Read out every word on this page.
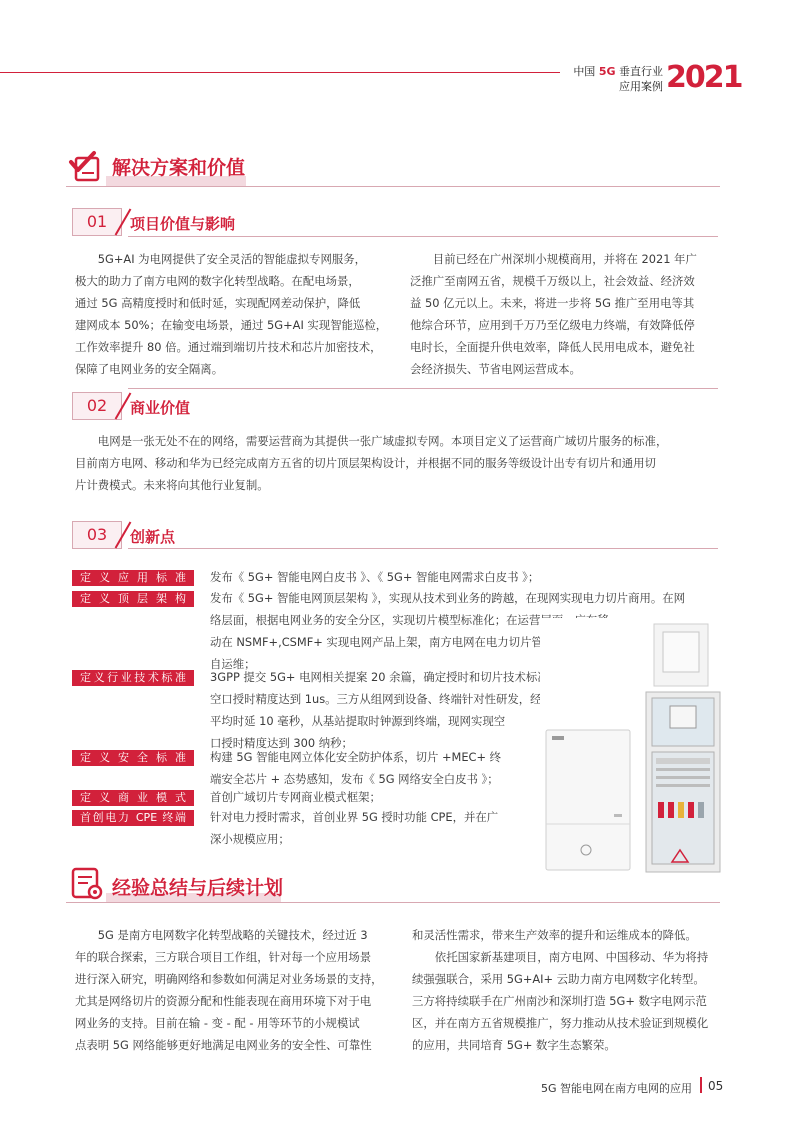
中国 5G 垂直行业
应用案例 2021
解决方案和价值
01	项目价值与影响
5G+AI 为电网提供了安全灵活的智能虚拟专网服务，
极大的助力了南方电网的数字化转型战略。在配电场景，
通过 5G 高精度授时和低时延，实现配网差动保护，降低
建网成本 50%；在输变电场景，通过 5G+AI 实现智能巡检，
工作效率提升 80 倍。通过端到端切片技术和芯片加密技术，
保障了电网业务的安全隔离。
目前已经在广州深圳小规模商用，并将在 2021 年广
泛推广至南网五省，规模千万级以上，社会效益、经济效
益 50 亿元以上。未来，将进一步将 5G 推广至用电等其
他综合环节，应用到千万乃至亿级电力终端，有效降低停
电时长，全面提升供电效率，降低人民用电成本，避免社
会经济损失、节省电网运营成本。
02	商业价值
电网是一张无处不在的网络，需要运营商为其提供一张广域虚拟专网。本项目定义了运营商广域切片服务的标准，
目前南方电网、移动和华为已经完成南方五省的切片顶层架构设计，并根据不同的服务等级设计出专有切片和通用切
片计费模式。未来将向其他行业复制。
03	创新点
定义应用标准	发布《 5G+ 智能电网白皮书 》、《 5G+ 智能电网需求白皮书 》；
定义顶层架构	发布《 5G+ 智能电网顶层架构 》，实现从技术到业务的跨越，在现网实现电力切片商用。在网
络层面，根据电网业务的安全分区，实现切片模型标准化；在运营层面，广东移
动在 NSMF+,CSMF+ 实现电网产品上架，南方电网在电力切片管理平台实现
自运维；
定义行业技术标准	3GPP 提交 5G+ 电网相关提案 20 余篇，确定授时和切片技术标准；电网要求
空口授时精度达到 1us。三方从组网到设备、终端针对性研发，经过外场实测，
平均时延 10 毫秒，从基站提取时钟源到终端，现网实现空
口授时精度达到 300 纳秒；
定义安全标准	构建 5G 智能电网立体化安全防护体系，切片 +MEC+ 终
端安全芯片 + 态势感知，发布《 5G 网络安全白皮书 》；
定义商业模式	首创广域切片专网商业模式框架；
首创电力 CPE 终端	针对电力授时需求，首创业界 5G 授时功能 CPE，并在广
深小规模应用；
经验总结与后续计划
5G 是南方电网数字化转型战略的关键技术，经过近 3
年的联合探索，三方联合项目工作组，针对每一个应用场景
进行深入研究，明确网络和参数如何满足对业务场景的支持，
尤其是网络切片的资源分配和性能表现在商用环境下对于电
网业务的支持。目前在输 - 变 - 配 - 用等环节的小规模试
点表明 5G 网络能够更好地满足电网业务的安全性、可靠性
和灵活性需求，带来生产效率的提升和运维成本的降低。
依托国家新基建项目，南方电网、中国移动、华为将持
续强强联合，采用 5G+AI+ 云助力南方电网数字化转型。
三方将持续联手在广州南沙和深圳打造 5G+ 数字电网示范
区，并在南方五省规模推广，努力推动从技术验证到规模化
的应用，共同培育 5G+ 数字生态繁荣。
5G 智能电网在南方电网的应用 05
